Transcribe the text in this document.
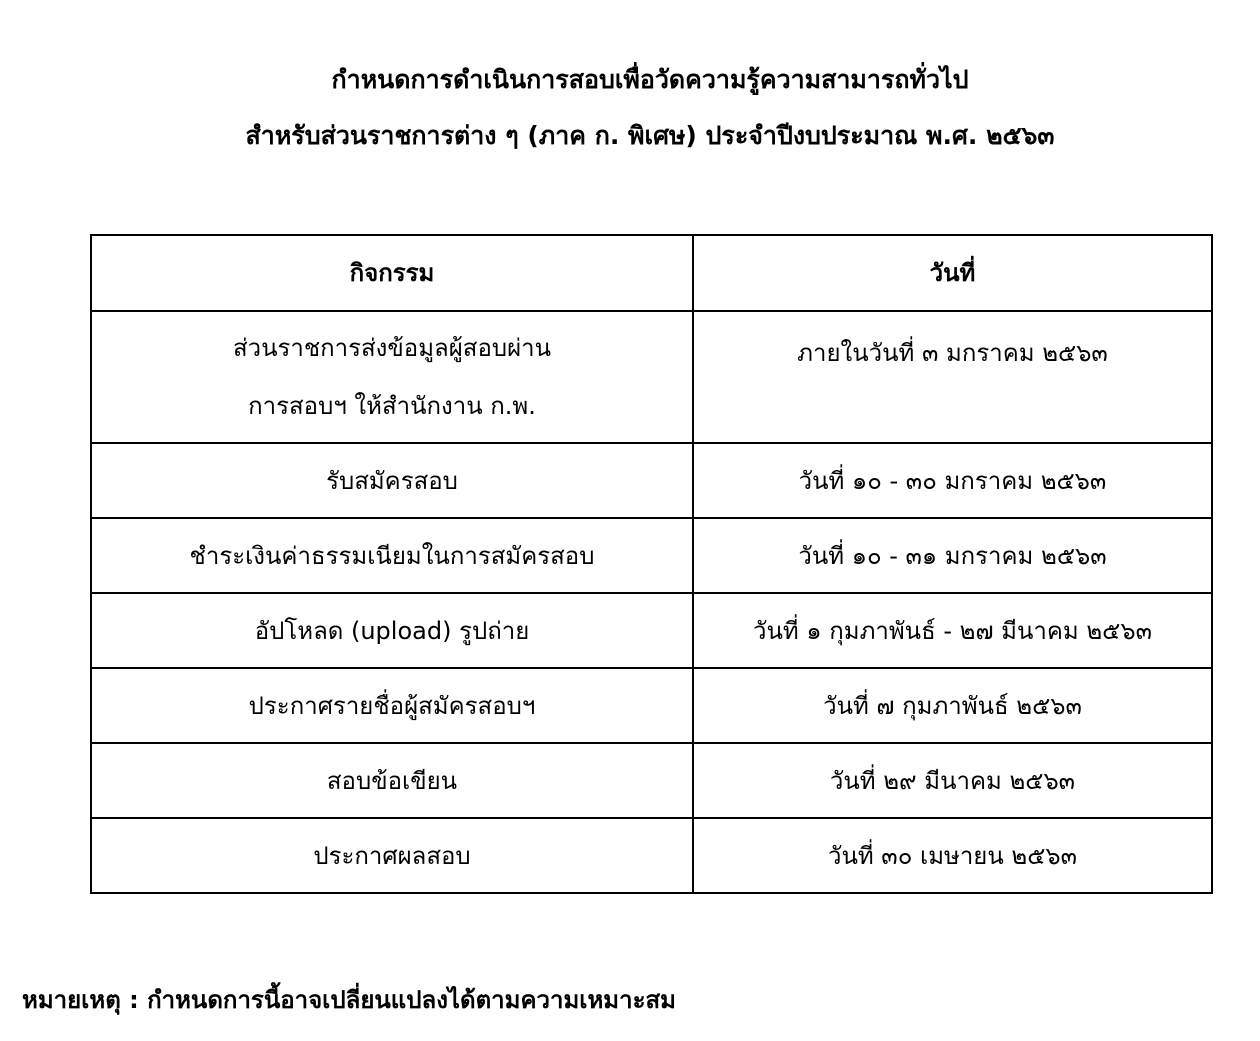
กำหนดการดำเนินการสอบเพื่อวัดความรู้ความสามารถทั่วไป
สำหรับส่วนราชการต่าง ๆ (ภาค ก. พิเศษ) ประจำปีงบประมาณ พ.ศ. ๒๕๖๓
กิจกรรม	วันที่

ส่วนราชการส่งข้อมูลผู้สอบผ่าน
การสอบฯ ให้สำนักงาน ก.พ.	ภายในวันที่ ๓ มกราคม ๒๕๖๓
รับสมัครสอบ	วันที่ ๑๐ - ๓๐ มกราคม ๒๕๖๓
ชำระเงินค่าธรรมเนียมในการสมัครสอบ	วันที่ ๑๐ - ๓๑ มกราคม ๒๕๖๓
อัปโหลด (upload) รูปถ่าย	วันที่ ๑ กุมภาพันธ์ - ๒๗ มีนาคม ๒๕๖๓
ประกาศรายชื่อผู้สมัครสอบฯ	วันที่ ๗ กุมภาพันธ์ ๒๕๖๓
สอบข้อเขียน	วันที่ ๒๙ มีนาคม ๒๕๖๓
ประกาศผลสอบ	วันที่ ๓๐ เมษายน ๒๕๖๓
หมายเหตุ : กำหนดการนี้อาจเปลี่ยนแปลงได้ตามความเหมาะสม
